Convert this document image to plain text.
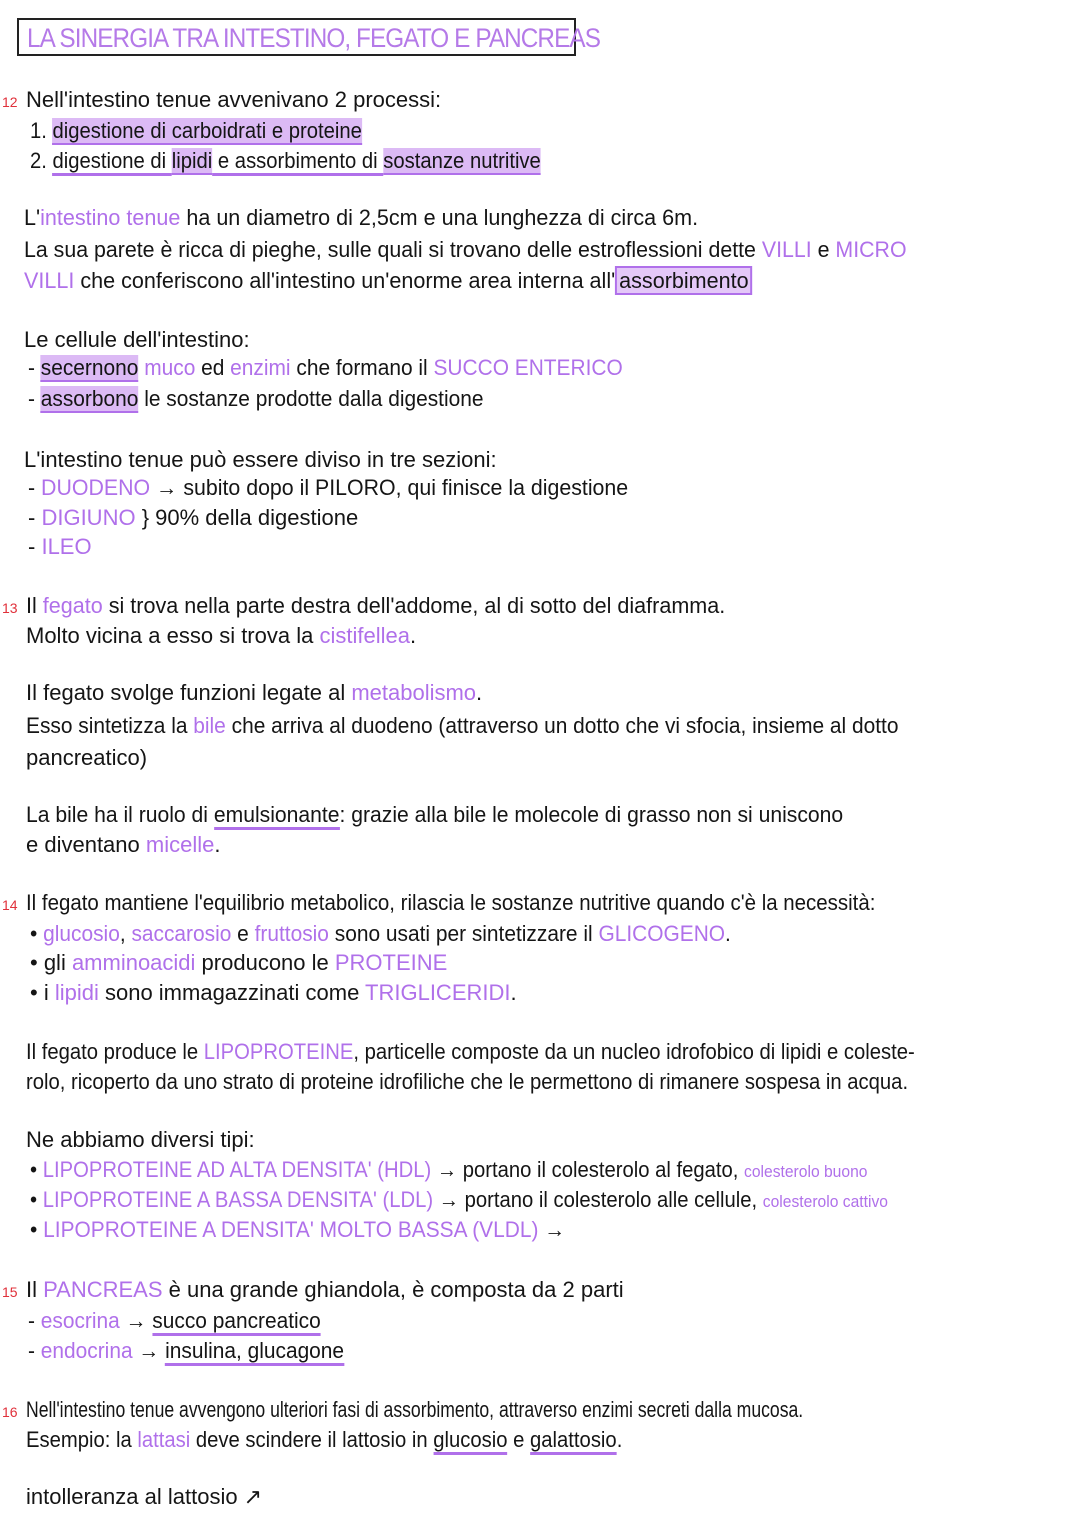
LA SINERGIA TRA INTESTINO, FEGATO E PANCREAS
12 Nell'intestino tenue avvenivano 2 processi:
1. digestione di carboidrati e proteine
2. digestione di lipidi e assorbimento di sostanze nutritive
L'intestino tenue ha un diametro di 2,5cm e una lunghezza di circa 6m.
La sua parete è ricca di pieghe, sulle quali si trovano delle estroflessioni dette VILLI e MICRO
VILLI che conferiscono all'intestino un'enorme area interna all' assorbimento
Le cellule dell'intestino:
- secernono muco ed enzimi che formano il SUCCO ENTERICO
- assorbono le sostanze prodotte dalla digestione
L'intestino tenue può essere diviso in tre sezioni:
- DUODENO → subito dopo il PILORO, qui finisce la digestione
- DIGIUNO } 90% della digestione
- ILEO
13 Il fegato si trova nella parte destra dell'addome, al di sotto del diaframma.
Molto vicina a esso si trova la cistifellea.
Il fegato svolge funzioni legate al metabolismo.
Esso sintetizza la bile che arriva al duodeno (attraverso un dotto che vi sfocia, insieme al dotto
pancreatico)
La bile ha il ruolo di emulsionante: grazie alla bile le molecole di grasso non si uniscono
e diventano micelle.
14 Il fegato mantiene l'equilibrio metabolico, rilascia le sostanze nutritive quando c'è la necessità:
• glucosio, saccarosio e fruttosio sono usati per sintetizzare il GLICOGENO.
• gli amminoacidi producono le PROTEINE
• i lipidi sono immagazzinati come TRIGLICERIDI.
Il fegato produce le LIPOPROTEINE, particelle composte da un nucleo idrofobico di lipidi e coleste-
rolo, ricoperto da uno strato di proteine idrofiliche che le permettono di rimanere sospesa in acqua.
Ne abbiamo diversi tipi:
• LIPOPROTEINE AD ALTA DENSITA' (HDL) → portano il colesterolo al fegato, colesterolo buono
• LIPOPROTEINE A BASSA DENSITA' (LDL) → portano il colesterolo alle cellule, colesterolo cattivo
• LIPOPROTEINE A DENSITA' MOLTO BASSA (VLDL) →
15 Il PANCREAS è una grande ghiandola, è composta da 2 parti
- esocrina → succo pancreatico
- endocrina → insulina, glucagone
16 Nell'intestino tenue avvengono ulteriori fasi di assorbimento, attraverso enzimi secreti dalla mucosa.
Esempio: la lattasi deve scindere il lattosio in glucosio e galattosio.
intolleranza al lattosio ↗
